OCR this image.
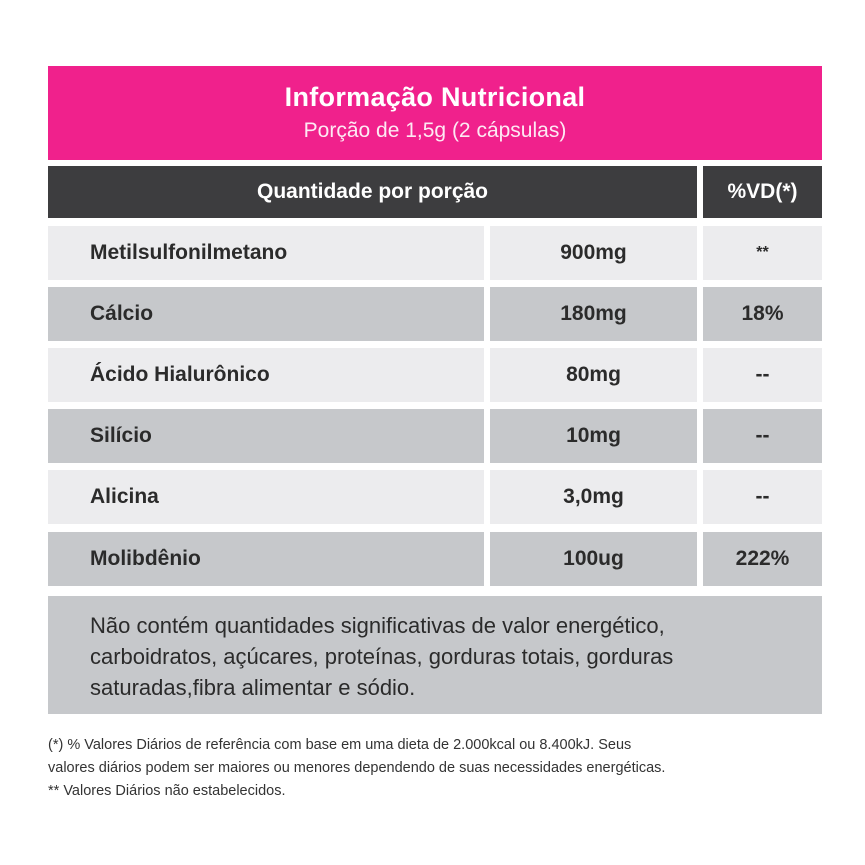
Informação Nutricional
Porção de 1,5g (2 cápsulas)
Quantidade por porção	%VD(*)
Metilsulfonilmetano	900mg	**
Cálcio	180mg	18%
Ácido Hialurônico	80mg	--
Silício	10mg	--
Alicina	3,0mg	--
Molibdênio	100ug	222%
Não contém quantidades significativas de valor energético, carboidratos, açúcares, proteínas, gorduras totais, gorduras saturadas,fibra alimentar e sódio.
(*) % Valores Diários de referência com base em uma dieta de 2.000kcal ou 8.400kJ. Seus
valores diários podem ser maiores ou menores dependendo de suas necessidades energéticas.
** Valores Diários não estabelecidos.
